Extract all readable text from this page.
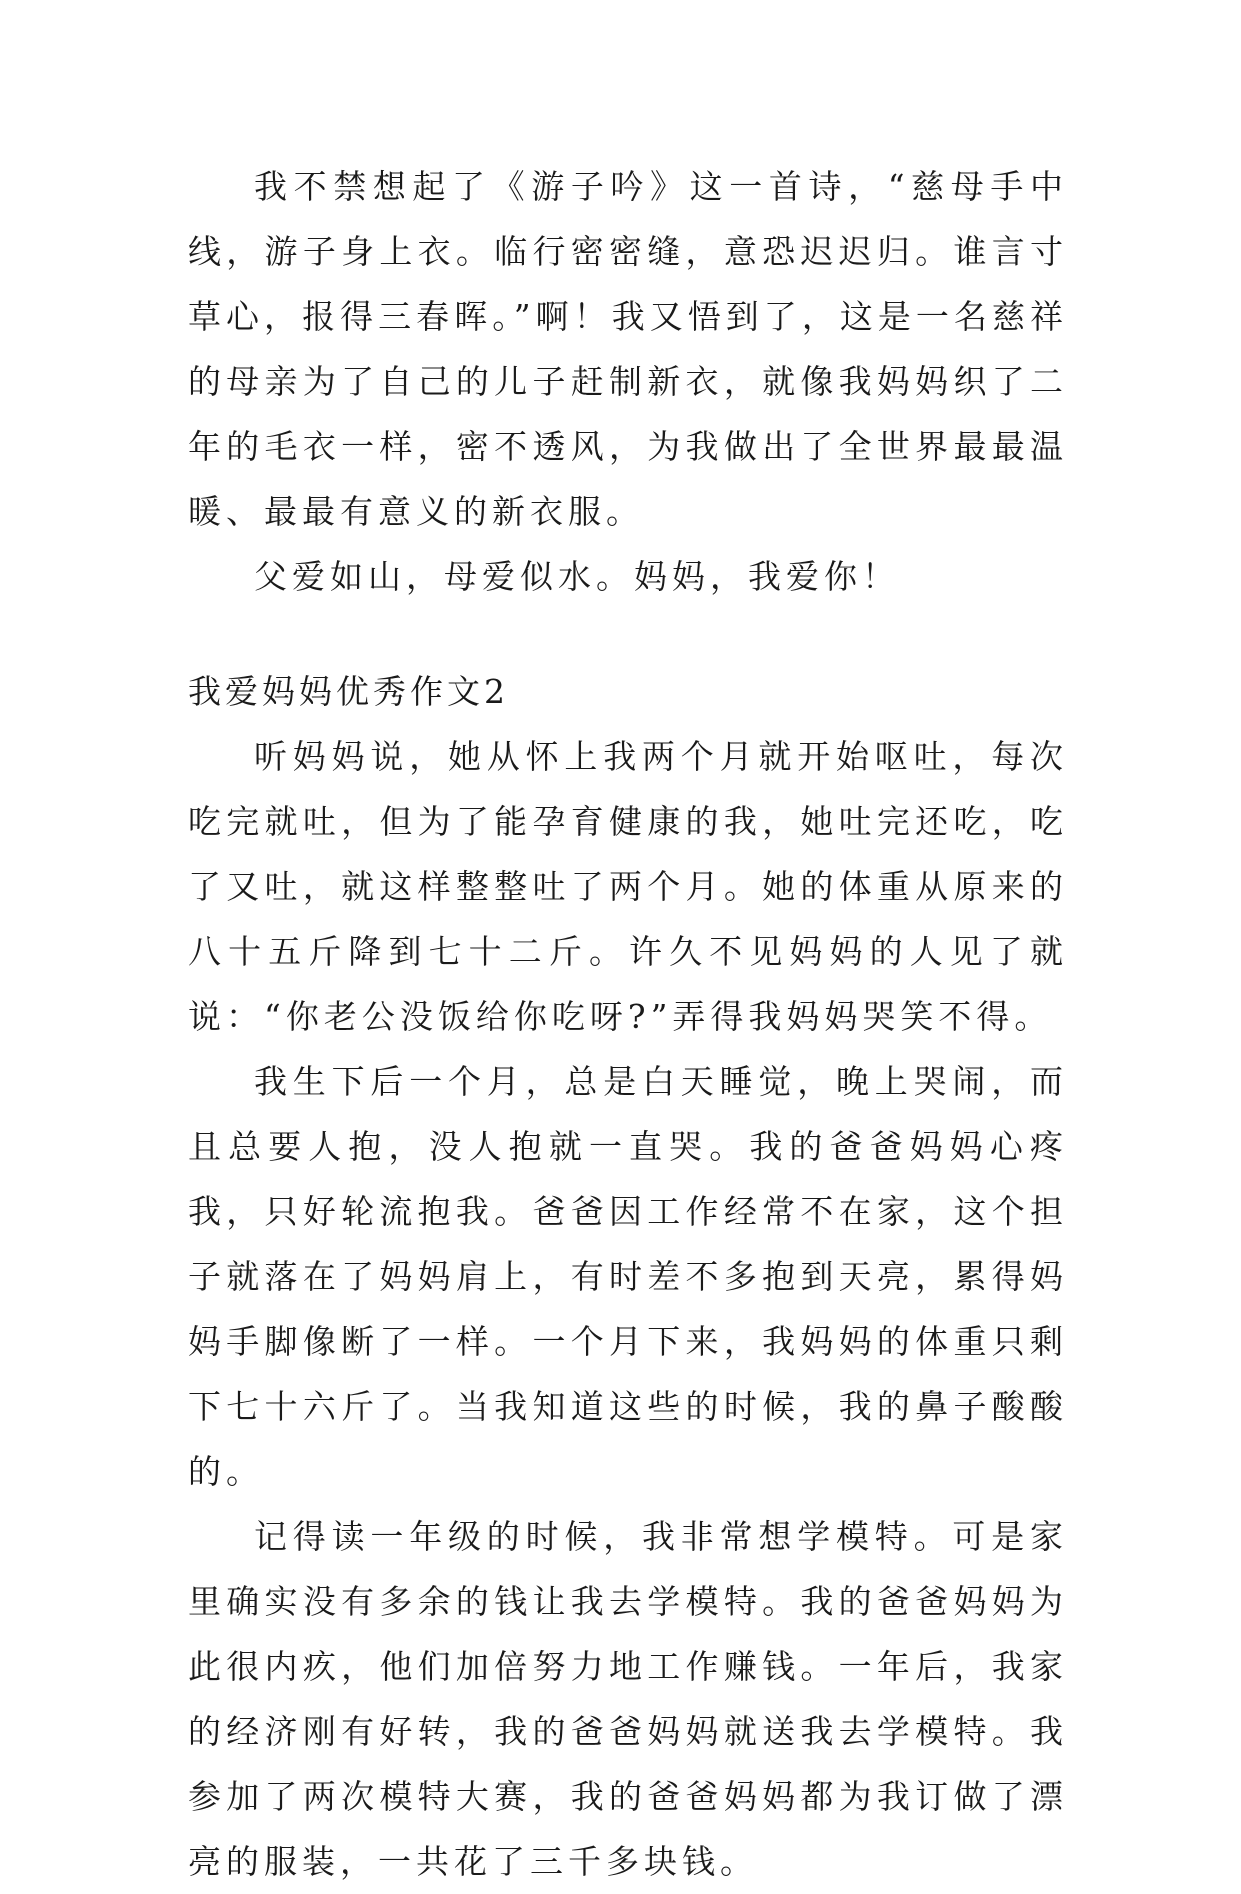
我不禁想起了《游子吟》这一首诗，“慈母手中线，游子身上衣。临行密密缝，意恐迟迟归。谁言寸草心，报得三春晖。”啊！我又悟到了，这是一名慈祥的母亲为了自己的儿子赶制新衣，就像我妈妈织了二年的毛衣一样，密不透风，为我做出了全世界最最温暖、最最有意义的新衣服。

父爱如山，母爱似水。妈妈，我爱你！

我爱妈妈优秀作文2

听妈妈说，她从怀上我两个月就开始呕吐，每次吃完就吐，但为了能孕育健康的我，她吐完还吃，吃了又吐，就这样整整吐了两个月。她的体重从原来的八十五斤降到七十二斤。许久不见妈妈的人见了就说：“你老公没饭给你吃呀?”弄得我妈妈哭笑不得。

我生下后一个月，总是白天睡觉，晚上哭闹，而且总要人抱，没人抱就一直哭。我的爸爸妈妈心疼我，只好轮流抱我。爸爸因工作经常不在家，这个担子就落在了妈妈肩上，有时差不多抱到天亮，累得妈妈手脚像断了一样。一个月下来，我妈妈的体重只剩下七十六斤了。当我知道这些的时候，我的鼻子酸酸的。

记得读一年级的时候，我非常想学模特。可是家里确实没有多余的钱让我去学模特。我的爸爸妈妈为此很内疚，他们加倍努力地工作赚钱。一年后，我家的经济刚有好转，我的爸爸妈妈就送我去学模特。我参加了两次模特大赛，我的爸爸妈妈都为我订做了漂亮的服装，一共花了三千多块钱。
